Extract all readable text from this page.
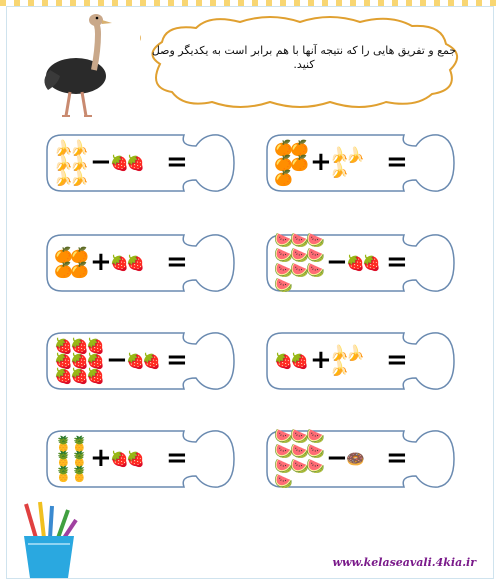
جمع و تفریق هایی را که نتیجه آنها با هم برابر است به یکدیگر وصل کنید.
🍌
🍌
🍌
🍌
🍌
🍌
−
🍓
🍓 =
🍊
🍊
🍊
🍊 +
🍓
🍓 =
🍓
🍓
🍓
🍓
🍓
🍓
🍓
🍓
🍓
−
🍓
🍓 =
🍍
🍍
🍍
🍍
🍍
🍍
+
🍓
🍓 =
🍊
🍊
🍊
🍊
🍊
+
🍌
🍌
🍌 =
🍉
🍉
🍉
🍉
🍉
🍉
🍉
🍉
🍉
🍉
−
🍓
🍓 =
🍓
🍓 +
🍌
🍌
🍌 =
🍉
🍉
🍉
🍉
🍉
🍉
🍉
🍉
🍉
🍉
−
🍩 =
www.kelaseavali.4kia.ir
